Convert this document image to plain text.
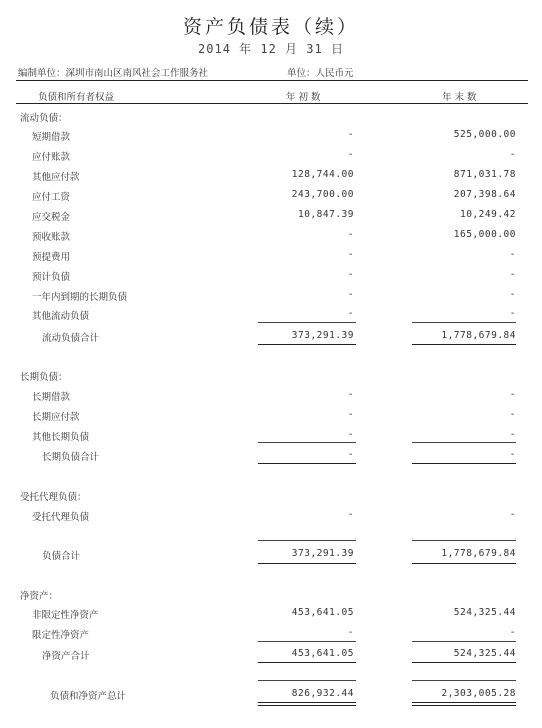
资产负债表（续）
2014 年 12 月 31 日
编制单位：深圳市南山区南风社会工作服务社	单位：人民币元
负债和所有者权益	年 初 数	年 末 数
流动负债：
短期借款	-	525,000.00
应付账款	-	-
其他应付款	128,744.00	871,031.78
应付工资	243,700.00	207,398.64
应交税金	10,847.39	10,249.42
预收账款	-	165,000.00
预提费用	-	-
预计负债	-	-
一年内到期的长期负债	-	-
其他流动负债	-	-
流动负债合计	373,291.39	1,778,679.84
长期负债：
长期借款	-	-
长期应付款	-	-
其他长期负债	-	-
长期负债合计	-	-
受托代理负债：
受托代理负债	-	-
负债合计	373,291.39	1,778,679.84
净资产：
非限定性净资产	453,641.05	524,325.44
限定性净资产	-	-
净资产合计	453,641.05	524,325.44
负债和净资产总计	826,932.44	2,303,005.28
